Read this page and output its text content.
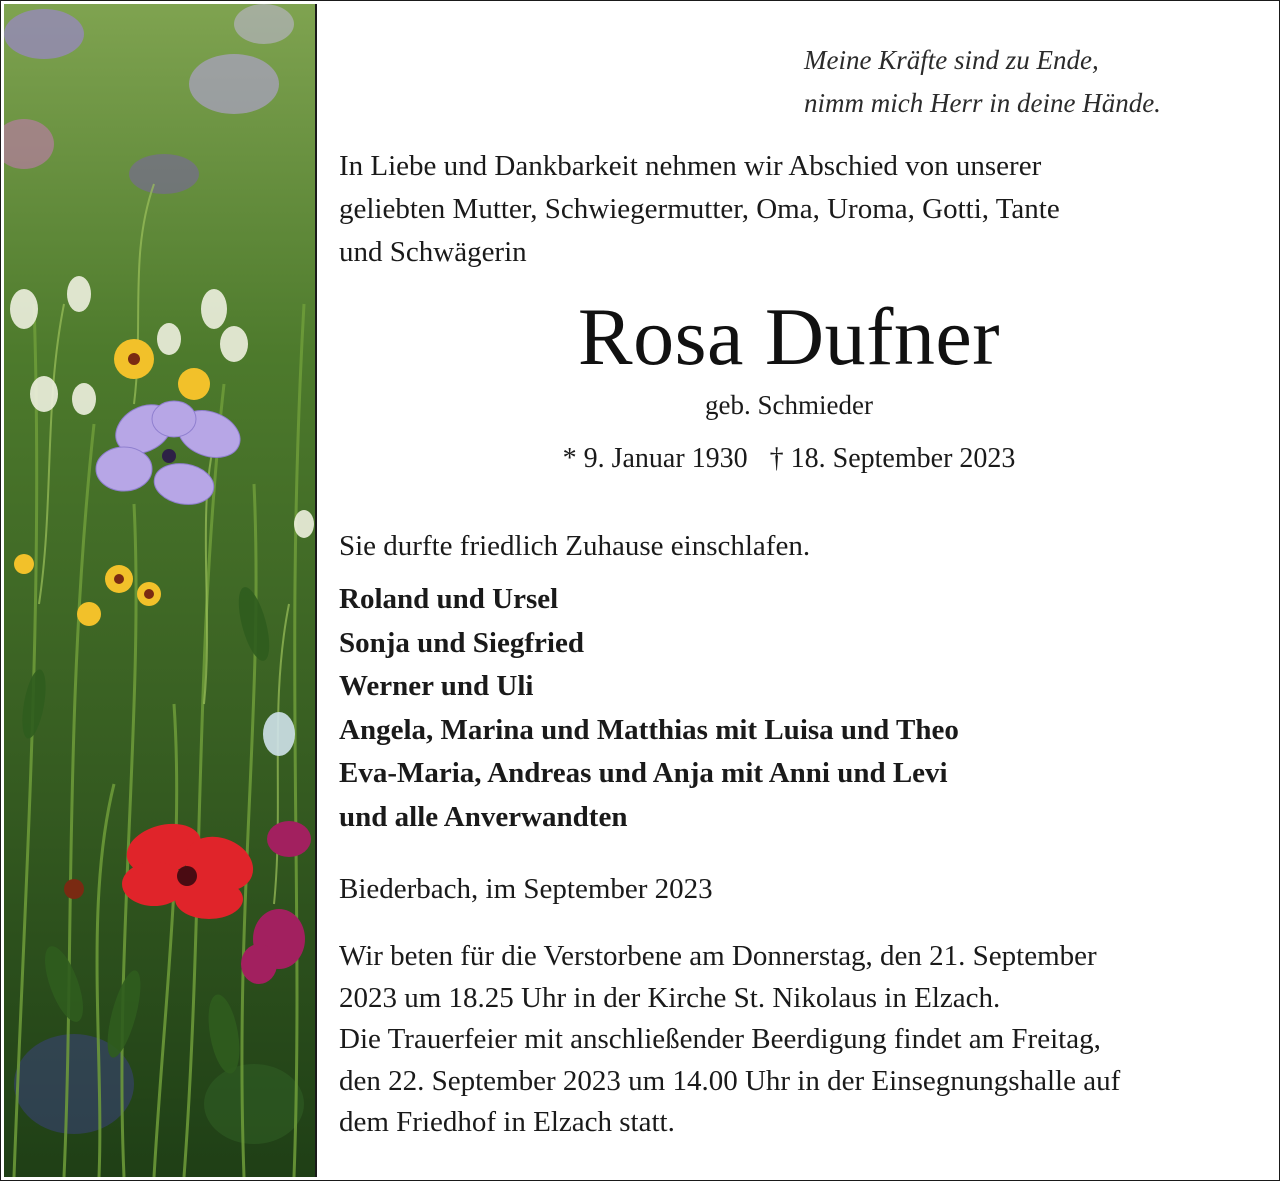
Meine Kräfte sind zu Ende,
nimm mich Herr in deine Hände.
In Liebe und Dankbarkeit nehmen wir Abschied von unserer
geliebten Mutter, Schwiegermutter, Oma, Uroma, Gotti, Tante
und Schwägerin
Rosa Dufner
geb. Schmieder
* 9. Januar 1930 † 18. September 2023
Sie durfte friedlich Zuhause einschlafen.
Roland und Ursel
Sonja und Siegfried
Werner und Uli
Angela, Marina und Matthias mit Luisa und Theo
Eva-Maria, Andreas und Anja mit Anni und Levi
und alle Anverwandten
Biederbach, im September 2023
Wir beten für die Verstorbene am Donnerstag, den 21. September
2023 um 18.25 Uhr in der Kirche St. Nikolaus in Elzach.
Die Trauerfeier mit anschließender Beerdigung findet am Freitag,
den 22. September 2023 um 14.00 Uhr in der Einsegnungshalle auf
dem Friedhof in Elzach statt.
